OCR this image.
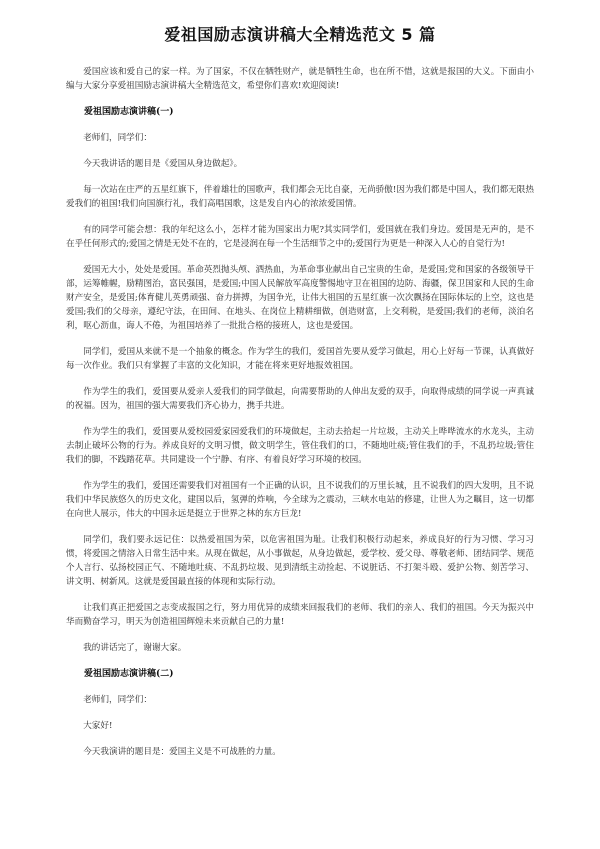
爱祖国励志演讲稿大全精选范文 5 篇

爱国应该和爱自己的家一样。为了国家，不仅在牺牲财产，就是牺牲生命，也在所不惜，这就是报国的大义。下面由小编与大家分享爱祖国励志演讲稿大全精选范文，希望你们喜欢!欢迎阅读!

爱祖国励志演讲稿(一)

老师们，同学们：

今天我讲话的题目是《爱国从身边做起》。

每一次站在庄严的五星红旗下，伴着雄壮的国歌声，我们都会无比自豪，无尚骄傲!因为我们都是中国人，我们都无限热爱我们的祖国!我们向国旗行礼，我们高唱国歌，这是发自内心的浓浓爱国情。

有的同学可能会想：我的年纪这么小，怎样才能为国家出力呢?其实同学们，爱国就在我们身边。爱国是无声的，是不在乎任何形式的;爱国之情是无处不在的，它是浸润在每一个生活细节之中的;爱国行为更是一种深入人心的自觉行为!

爱国无大小，处处是爱国。革命英烈抛头颅、洒热血，为革命事业献出自己宝贵的生命，是爱国;党和国家的各级领导干部，运筹帷幄，励精图治，富民强国，是爱国;中国人民解放军高度警惕地守卫在祖国的边防、海疆，保卫国家和人民的生命财产安全，是爱国;体育健儿英勇顽强、奋力拼搏，为国争光，让伟大祖国的五星红旗一次次飘扬在国际体坛的上空，这也是爱国;我们的父母亲，遵纪守法，在田间、在地头、在岗位上精耕细做，创造财富，上交利税，是爱国;我们的老师，淡泊名利，呕心沥血，诲人不倦，为祖国培养了一批批合格的接班人，这也是爱国。

同学们，爱国从来就不是一个抽象的概念。作为学生的我们，爱国首先要从爱学习做起，用心上好每一节课，认真做好每一次作业。我们只有掌握了丰富的文化知识，才能在将来更好地报效祖国。

作为学生的我们，爱国要从爱亲人爱我们的同学做起，向需要帮助的人伸出友爱的双手，向取得成绩的同学说一声真诚的祝福。因为，祖国的强大需要我们齐心协力，携手共进。

作为学生的我们，爱国要从爱校园爱家园爱我们的环境做起，主动去拾起一片垃圾，主动关上哗哗流水的水龙头，主动去制止破坏公物的行为。养成良好的文明习惯，做文明学生，管住我们的口，不随地吐痰;管住我们的手，不乱扔垃圾;管住我们的脚，不践踏花草。共同建设一个宁静、有序、有着良好学习环境的校园。

作为学生的我们，爱国还需要我们对祖国有一个正确的认识，且不说我们的万里长城，且不说我们的四大发明，且不说我们中华民族悠久的历史文化，建国以后，氢弹的炸响，今全球为之震动，三峡水电站的修建，让世人为之瞩目，这一切都在向世人展示，伟大的中国永远是挺立于世界之林的东方巨龙!

同学们，我们要永远记住：以热爱祖国为荣，以危害祖国为耻。让我们积极行动起来，养成良好的行为习惯、学习习惯，将爱国之情溶入日常生活中来。从现在做起，从小事做起，从身边做起，爱学校、爱父母、尊敬老师、团结同学、规范个人言行、弘扬校园正气、不随地吐痰、不乱扔垃圾、见到清纸主动捡起、不说脏话、不打架斗殴、爱护公物、刻苦学习、讲文明、树新风。这就是爱国最直接的体现和实际行动。

让我们真正把爱国之志变成报国之行，努力用优异的成绩来回报我们的老师、我们的亲人、我们的祖国。今天为振兴中华而勤奋学习，明天为创造祖国辉煌未来贡献自己的力量!

我的讲话完了，谢谢大家。

爱祖国励志演讲稿(二)

老师们，同学们：

大家好!

今天我演讲的题目是：爱国主义是不可战胜的力量。
